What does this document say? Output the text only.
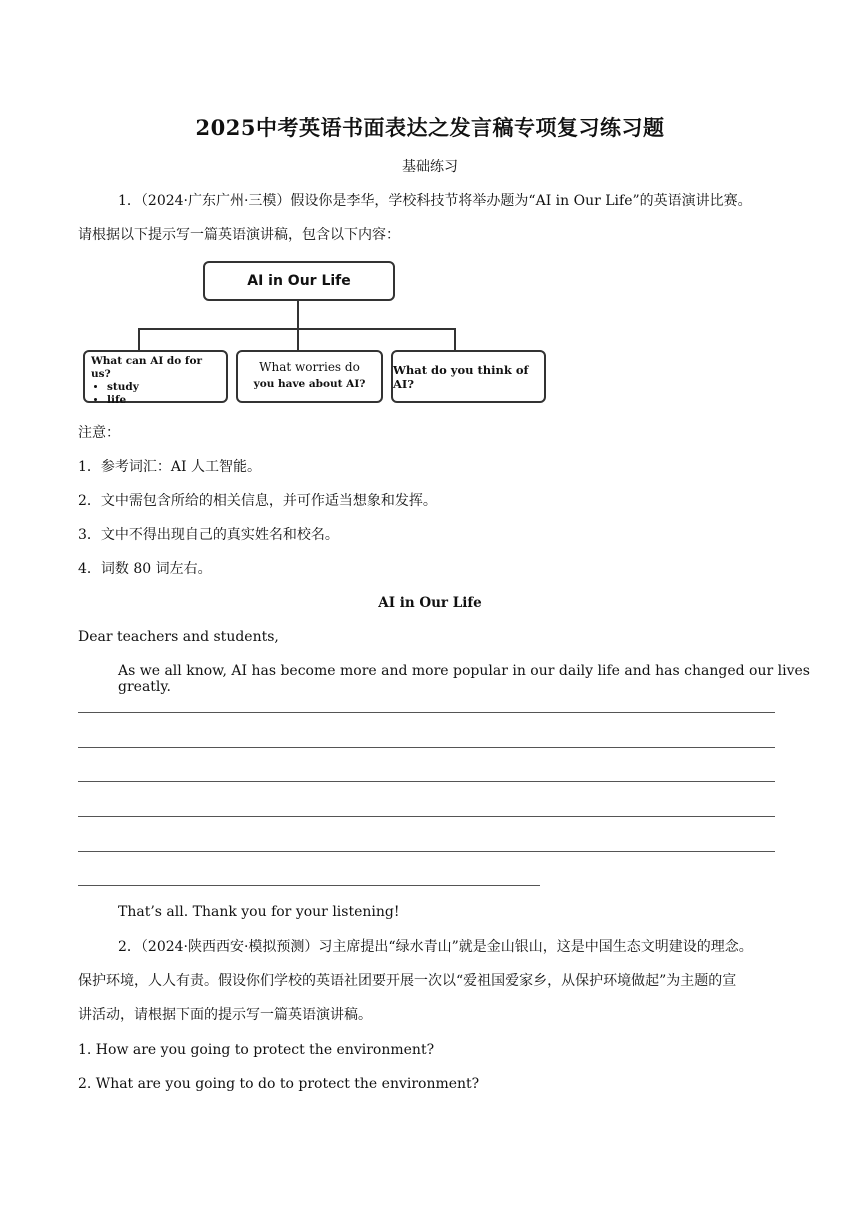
2025中考英语书面表达之发言稿专项复习练习题
基础练习
1．（2024·广东广州·三模）假设你是李华，学校科技节将举办题为“AI in Our Life”的英语演讲比赛。
请根据以下提示写一篇英语演讲稿，包含以下内容：
AI in Our Life
What can AI do for us?
• study
• life
What worries do
you have about AI?
What do you think of AI?
注意：
1．参考词汇：AI 人工智能。
2．文中需包含所给的相关信息，并可作适当想象和发挥。
3．文中不得出现自己的真实姓名和校名。
4．词数 80 词左右。
AI in Our Life
Dear teachers and students,
As we all know, AI has become more and more popular in our daily life and has changed our lives greatly.
That’s all. Thank you for your listening!
2．（2024·陕西西安·模拟预测）习主席提出“绿水青山”就是金山银山，这是中国生态文明建设的理念。
保护环境，人人有责。假设你们学校的英语社团要开展一次以“爱祖国爱家乡，从保护环境做起”为主题的宣
讲活动，请根据下面的提示写一篇英语演讲稿。
1. How are you going to protect the environment?
2. What are you going to do to protect the environment?
